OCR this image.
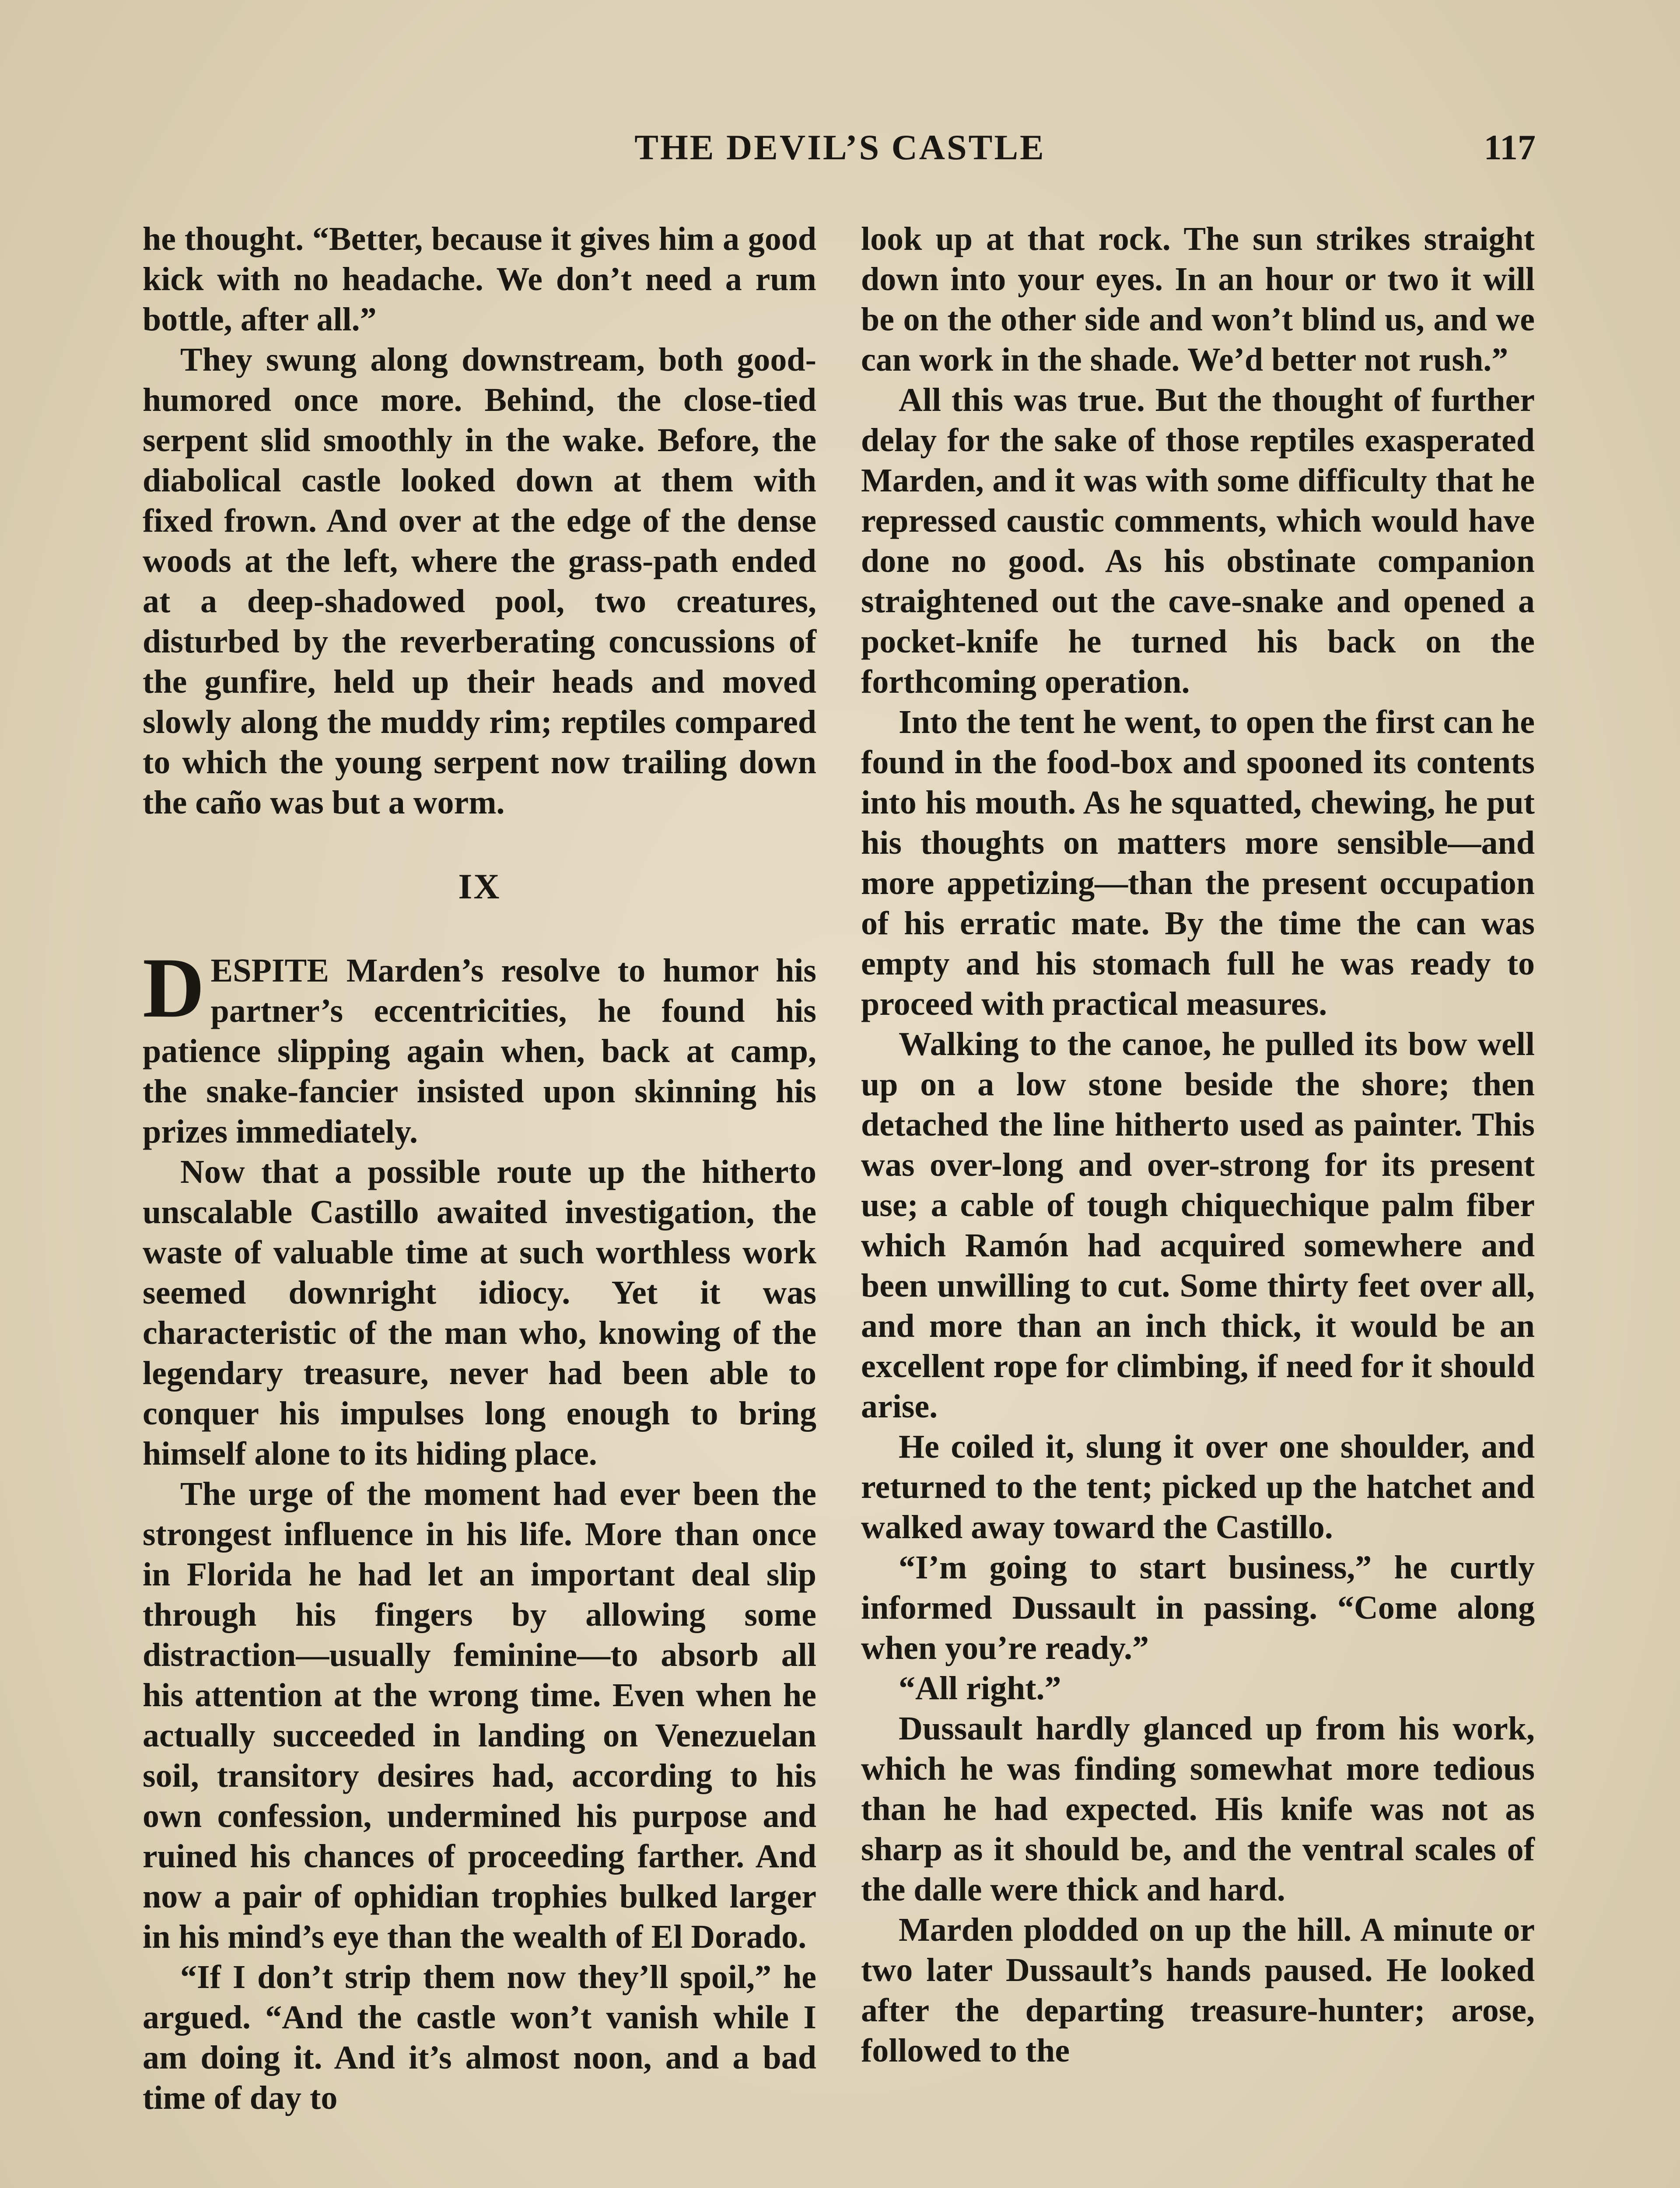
THE DEVIL’S CASTLE	117

he thought. “Better, because it gives him a good kick with no headache. We don’t need a rum bottle, after all.”

They swung along downstream, both good-humored once more. Behind, the close-tied serpent slid smoothly in the wake. Before, the diabolical castle looked down at them with fixed frown. And over at the edge of the dense woods at the left, where the grass-path ended at a deep-shadowed pool, two creatures, disturbed by the reverberating concussions of the gunfire, held up their heads and moved slowly along the muddy rim; reptiles compared to which the young serpent now trailing down the caño was but a worm.

IX

DESPITE Marden’s resolve to humor his partner’s eccentricities, he found his patience slipping again when, back at camp, the snake-fancier insisted upon skinning his prizes immediately.

Now that a possible route up the hitherto unscalable Castillo awaited investigation, the waste of valuable time at such worthless work seemed downright idiocy. Yet it was characteristic of the man who, knowing of the legendary treasure, never had been able to conquer his impulses long enough to bring himself alone to its hiding place.

The urge of the moment had ever been the strongest influence in his life. More than once in Florida he had let an important deal slip through his fingers by allowing some distraction—usually feminine—to absorb all his attention at the wrong time. Even when he actually succeeded in landing on Venezuelan soil, transitory desires had, according to his own confession, undermined his purpose and ruined his chances of proceeding farther. And now a pair of ophidian trophies bulked larger in his mind’s eye than the wealth of El Dorado.

“If I don’t strip them now they’ll spoil,” he argued. “And the castle won’t vanish while I am doing it. And it’s almost noon, and a bad time of day to

look up at that rock. The sun strikes straight down into your eyes. In an hour or two it will be on the other side and won’t blind us, and we can work in the shade. We’d better not rush.”

All this was true. But the thought of further delay for the sake of those reptiles exasperated Marden, and it was with some difficulty that he repressed caustic comments, which would have done no good. As his obstinate companion straightened out the cave-snake and opened a pocket-knife he turned his back on the forthcoming operation.

Into the tent he went, to open the first can he found in the food-box and spooned its contents into his mouth. As he squatted, chewing, he put his thoughts on matters more sensible—and more appetizing—than the present occupation of his erratic mate. By the time the can was empty and his stomach full he was ready to proceed with practical measures.

Walking to the canoe, he pulled its bow well up on a low stone beside the shore; then detached the line hitherto used as painter. This was over-long and over-strong for its present use; a cable of tough chiquechique palm fiber which Ramón had acquired somewhere and been unwilling to cut. Some thirty feet over all, and more than an inch thick, it would be an excellent rope for climbing, if need for it should arise.

He coiled it, slung it over one shoulder, and returned to the tent; picked up the hatchet and walked away toward the Castillo.

“I’m going to start business,” he curtly informed Dussault in passing. “Come along when you’re ready.”

“All right.”

Dussault hardly glanced up from his work, which he was finding somewhat more tedious than he had expected. His knife was not as sharp as it should be, and the ventral scales of the dalle were thick and hard.

Marden plodded on up the hill. A minute or two later Dussault’s hands paused. He looked after the departing treasure-hunter; arose, followed to the
